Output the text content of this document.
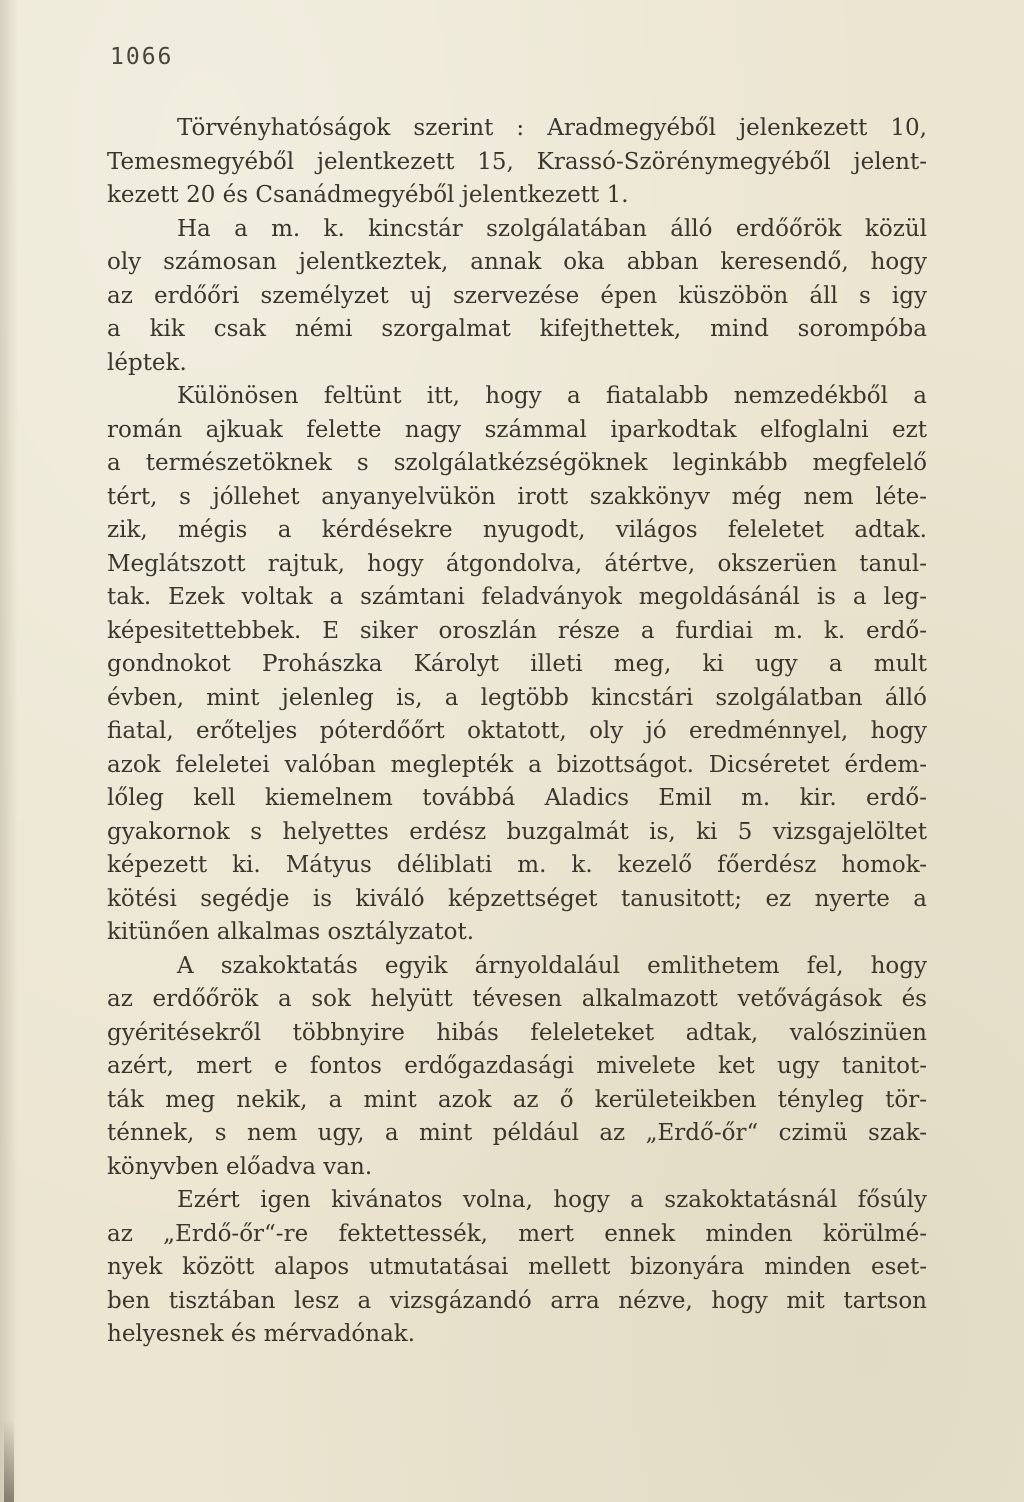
1066
Törvényhatóságok szerint : Aradmegyéből jelenkezett 10,
Temesmegyéből jelentkezett 15, Krassó-Szörénymegyéből jelent-
kezett 20 és Csanádmegyéből jelentkezett 1.
Ha a m. k. kincstár szolgálatában álló erdőőrök közül
oly számosan jelentkeztek, annak oka abban keresendő, hogy
az erdőőri személyzet uj szervezése épen küszöbön áll s igy
a kik csak némi szorgalmat kifejthettek, mind sorompóba
léptek.
Különösen feltünt itt, hogy a fiatalabb nemzedékből a
román ajkuak felette nagy számmal iparkodtak elfoglalni ezt
a természetöknek s szolgálatkézségöknek leginkább megfelelő
tért, s jóllehet anyanyelvükön irott szakkönyv még nem léte-
zik, mégis a kérdésekre nyugodt, világos feleletet adtak.
Meglátszott rajtuk, hogy átgondolva, átértve, okszerüen tanul-
tak. Ezek voltak a számtani feladványok megoldásánál is a leg-
képesitettebbek. E siker oroszlán része a furdiai m. k. erdő-
gondnokot Prohászka Károlyt illeti meg, ki ugy a mult
évben, mint jelenleg is, a legtöbb kincstári szolgálatban álló
fiatal, erőteljes póterdőőrt oktatott, oly jó eredménnyel, hogy
azok feleletei valóban meglepték a bizottságot. Dicséretet érdem-
lőleg kell kiemelnem továbbá Aladics Emil m. kir. erdő-
gyakornok s helyettes erdész buzgalmát is, ki 5 vizsgajelöltet
képezett ki. Mátyus déliblati m. k. kezelő főerdész homok-
kötési segédje is kiváló képzettséget tanusitott; ez nyerte a
kitünően alkalmas osztályzatot.
A szakoktatás egyik árnyoldalául emlithetem fel, hogy
az erdőőrök a sok helyütt tévesen alkalmazott vetővágások és
gyéritésekről többnyire hibás feleleteket adtak, valószinüen
azért, mert e fontos erdőgazdasági mivelete ket ugy tanitot-
ták meg nekik, a mint azok az ő kerületeikben tényleg tör-
ténnek, s nem ugy, a mint például az „Erdő-őr“ czimü szak-
könyvben előadva van.
Ezért igen kivánatos volna, hogy a szakoktatásnál fősúly
az „Erdő-őr“-re fektettessék, mert ennek minden körülmé-
nyek között alapos utmutatásai mellett bizonyára minden eset-
ben tisztában lesz a vizsgázandó arra nézve, hogy mit tartson
helyesnek és mérvadónak.
